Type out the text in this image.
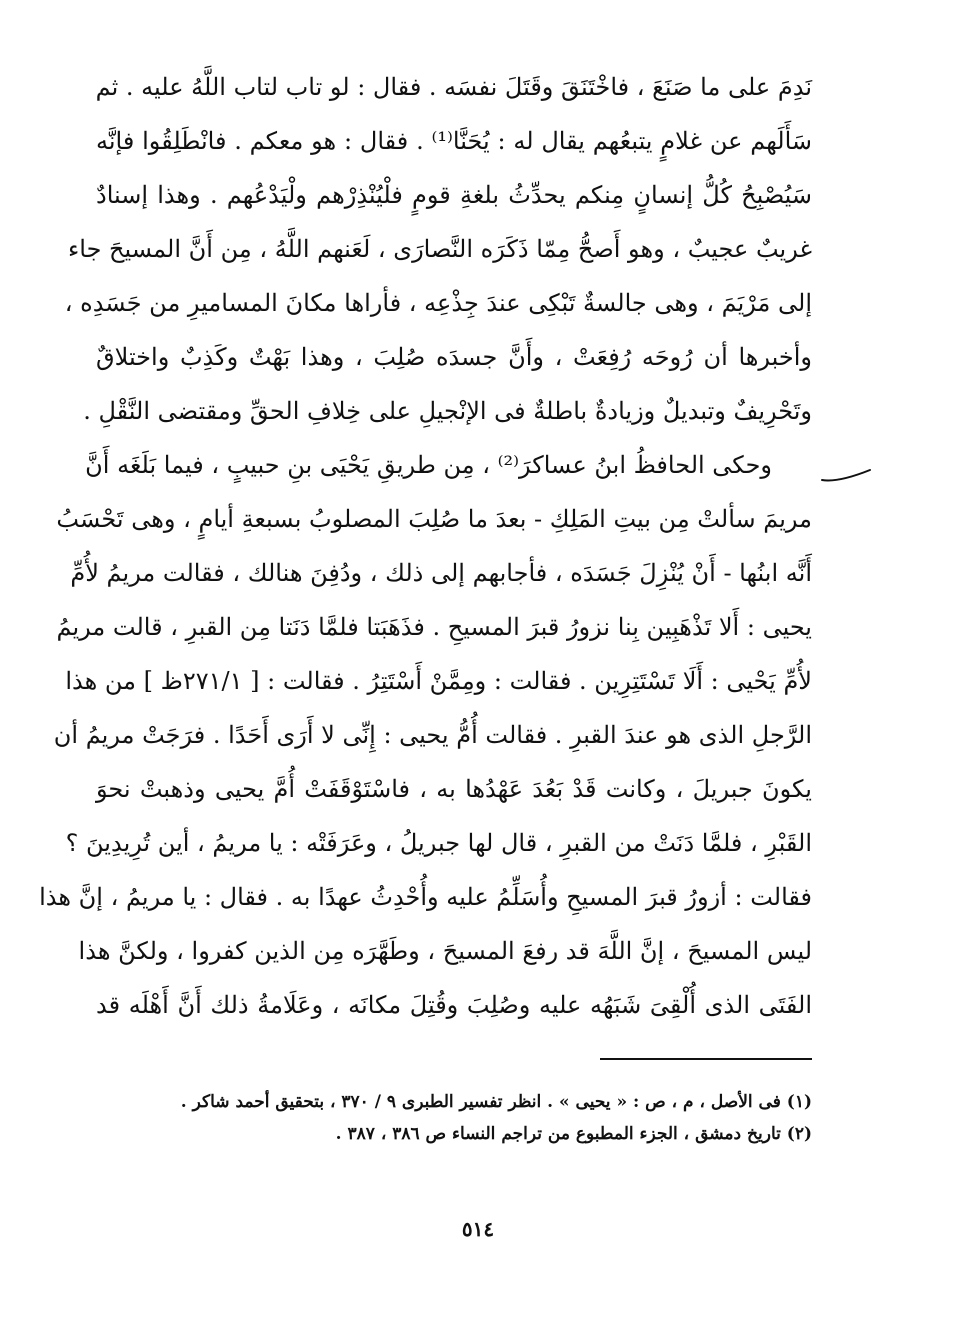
نَدِمَ على ما صَنَعَ ، فاخْتَنَقَ وقَتَلَ نفسَه . فقال : لو تاب لتاب اللَّهُ عليه . ثم
سَأَلَهم عن غلامٍ يتبعُهم يقال له : يُحَنَّا⁽¹⁾ . فقال : هو معكم . فانْطَلِقُوا فإنَّه
سَيُصْبِحُ كُلُّ إنسانٍ مِنكم يحدِّثُ بلغةِ قومٍ فلْيُنْذِرْهم ولْيَدْعُهم . وهذا إسنادٌ
غريبٌ عجيبٌ ، وهو أَصحُّ مِمّا ذَكَرَه النَّصارَى ، لَعَنهم اللَّهُ ، مِن أَنَّ المسيحَ جاء
إلى مَرْيَمَ ، وهى جالسةٌ تَبْكِى عندَ جِذْعِه ، فأراها مكانَ المساميرِ من جَسَدِه ،
وأخبرها أن رُوحَه رُفِعَتْ ، وأَنَّ جسدَه صُلِبَ ، وهذا بَهْتٌ وكَذِبٌ واختلاقٌ
وتَحْرِيفٌ وتبديلٌ وزيادةٌ باطلةٌ فى الإنْجيلِ على خِلافِ الحقِّ ومقتضى النَّقْلِ .
وحكى الحافظُ ابنُ عساكرَ⁽²⁾ ، مِن طريقِ يَحْيَى بنِ حبيبٍ ، فيما بَلَغَه أَنَّ
مريمَ سألتْ مِن بيتِ المَلِكِ - بعدَ ما صُلِبَ المصلوبُ بسبعةِ أيامٍ ، وهى تَحْسَبُ
أَنَّه ابنُها - أَنْ يُنْزِلَ جَسَدَه ، فأجابهم إلى ذلك ، ودُفِنَ هنالك ، فقالت مريمُ لأُمِّ
يحيى : أَلا تَذْهَبِين بِنا نزورُ قبرَ المسيحِ . فذَهَبَتا فلمَّا دَنَتا مِن القبرِ ، قالت مريمُ
لأُمِّ يَحْيى : أَلَا تَسْتَتِرِين . فقالت : ومِمَّنْ أَسْتَتِرُ . فقالت : [ ٢٧١/١ظ ] من هذا
الرَّجلِ الذى هو عندَ القبرِ . فقالت أُمُّ يحيى : إِنِّى لا أَرَى أَحَدًا . فرَجَتْ مريمُ أن
يكونَ جبريلَ ، وكانت قَدْ بَعُدَ عَهْدُها به ، فاسْتَوْقَفَتْ أُمَّ يحيى وذهبتْ نحوَ
القَبْرِ ، فلمَّا دَنَتْ من القبرِ ، قال لها جبريلُ ، وعَرَفَتْه : يا مريمُ ، أين تُرِيدِينَ ؟
فقالت : أزورُ قبرَ المسيحِ وأُسَلِّمُ عليه وأُحْدِثُ عهدًا به . فقال : يا مريمُ ، إنَّ هذا
ليس المسيحَ ، إنَّ اللَّهَ قد رفعَ المسيحَ ، وطَهَّرَه مِن الذين كفروا ، ولكنَّ هذا
الفَتَى الذى أُلْقِىَ شَبَهُه عليه وصُلِبَ وقُتِلَ مكانَه ، وعَلَامةُ ذلك أَنَّ أَهْلَه قد
(١) فى الأصل ، م ، ص : « يحيى » . انظر تفسير الطبرى ٩ / ٣٧٠ ، بتحقيق أحمد شاكر .
(٢) تاريخ دمشق ، الجزء المطبوع من تراجم النساء ص ٣٨٦ ، ٣٨٧ .
٥١٤
